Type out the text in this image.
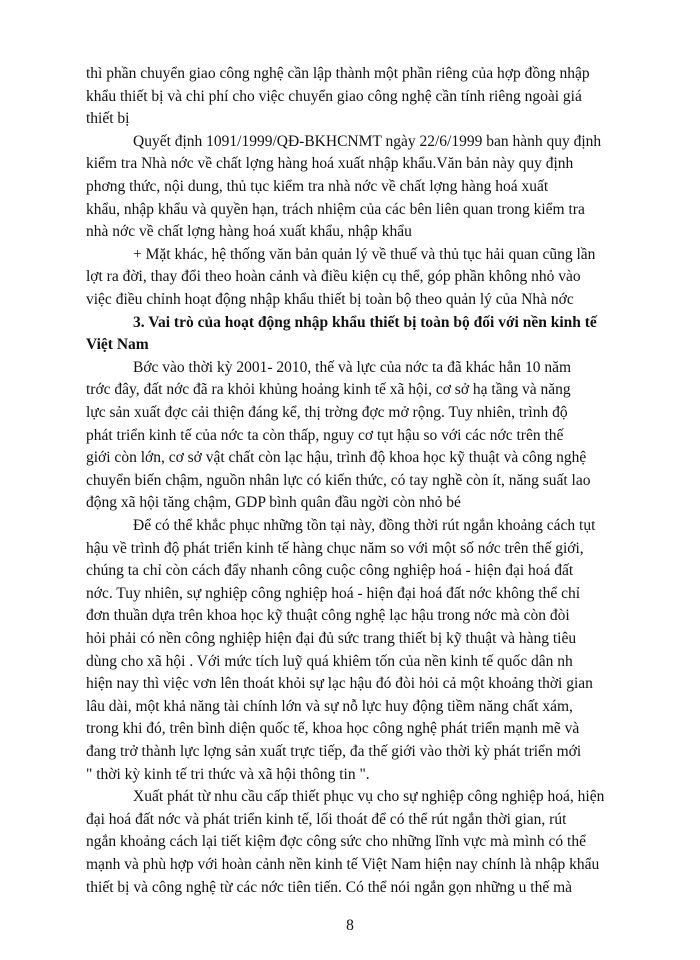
thì phần chuyển giao công nghệ cần lập thành một phần riêng của hợp đồng nhập
khẩu thiết bị và chi phí cho việc chuyển giao công nghệ cần tính riêng ngoài giá
thiết bị
Quyết định 1091/1999/QĐ-BKHCNMT ngày 22/6/1999 ban hành quy định
kiểm tra Nhà nớc về chất lợng hàng hoá xuất nhập khẩu.Văn bản này quy định
phơng thức, nội dung, thủ tục kiểm tra nhà nớc về chất lợng hàng hoá xuất
khẩu, nhập khẩu và quyền hạn, trách nhiệm của các bên liên quan trong kiểm tra
nhà nớc về chất lợng hàng hoá xuất khẩu, nhập khẩu
+ Mặt khác, hệ thống văn bản quản lý về thuế và thủ tục hải quan cũng lần
lợt ra đời, thay đổi theo hoàn cảnh và điều kiện cụ thể, góp phần không nhỏ vào
việc điều chỉnh hoạt động nhập khẩu thiết bị toàn bộ theo quản lý của Nhà nớc
3. Vai trò của hoạt động nhập khẩu thiết bị toàn bộ đối với nền kinh tế
Việt Nam
Bớc vào thời kỳ 2001- 2010, thế và lực của nớc ta đã khác hẳn 10 năm
trớc đây, đất nớc đã ra khỏi khủng hoảng kinh tế xã hội, cơ sở hạ tầng và năng
lực sản xuất đợc cải thiện đáng kể, thị trờng đợc mở rộng. Tuy nhiên, trình độ
phát triển kinh tế của nớc ta còn thấp, nguy cơ tụt hậu so với các nớc trên thế
giới còn lớn, cơ sở vật chất còn lạc hậu, trình độ khoa học kỹ thuật và công nghệ
chuyển biến chậm, nguồn nhân lực có kiến thức, có tay nghề còn ít, năng suất lao
động xã hội tăng chậm, GDP bình quân đầu ngời còn nhỏ bé
Để có thể khắc phục những tồn tại này, đồng thời rút ngắn khoảng cách tụt
hậu về trình độ phát triển kinh tế hàng chục năm so với một số nớc trên thế giới,
chúng ta chỉ còn cách đẩy nhanh công cuộc công nghiệp hoá - hiện đại hoá đất
nớc. Tuy nhiên, sự nghiệp công nghiệp hoá - hiện đại hoá đất nớc không thể chỉ
đơn thuần dựa trên khoa học kỹ thuật công nghệ lạc hậu trong nớc mà còn đòi
hỏi phải có nền công nghiệp hiện đại đủ sức trang thiết bị kỹ thuật và hàng tiêu
dùng cho xã hội . Với mức tích luỹ quá khiêm tốn của nền kinh tế quốc dân nh
hiện nay thì việc vơn lên thoát khỏi sự lạc hậu đó đòi hỏi cả một khoảng thời gian
lâu dài, một khả năng tài chính lớn và sự nỗ lực huy động tiềm năng chất xám,
trong khi đó, trên bình diện quốc tế, khoa học công nghệ phát triển mạnh mẽ và
đang trở thành lực lợng sản xuất trực tiếp, đa thế giới vào thời kỳ phát triển mới
" thời kỳ kinh tế tri thức và xã hội thông tin ".
8
Xuất phát từ nhu cầu cấp thiết phục vụ cho sự nghiệp công nghiệp hoá, hiện
đại hoá đất nớc và phát triển kinh tế, lối thoát để có thể rút ngắn thời gian, rút
ngắn khoảng cách lại tiết kiệm đợc công sức cho những lĩnh vực mà mình có thể
mạnh và phù hợp với hoàn cảnh nền kinh tế Việt Nam hiện nay chính là nhập khẩu
thiết bị và công nghệ từ các nớc tiên tiến. Có thể nói ngắn gọn những u thế mà
